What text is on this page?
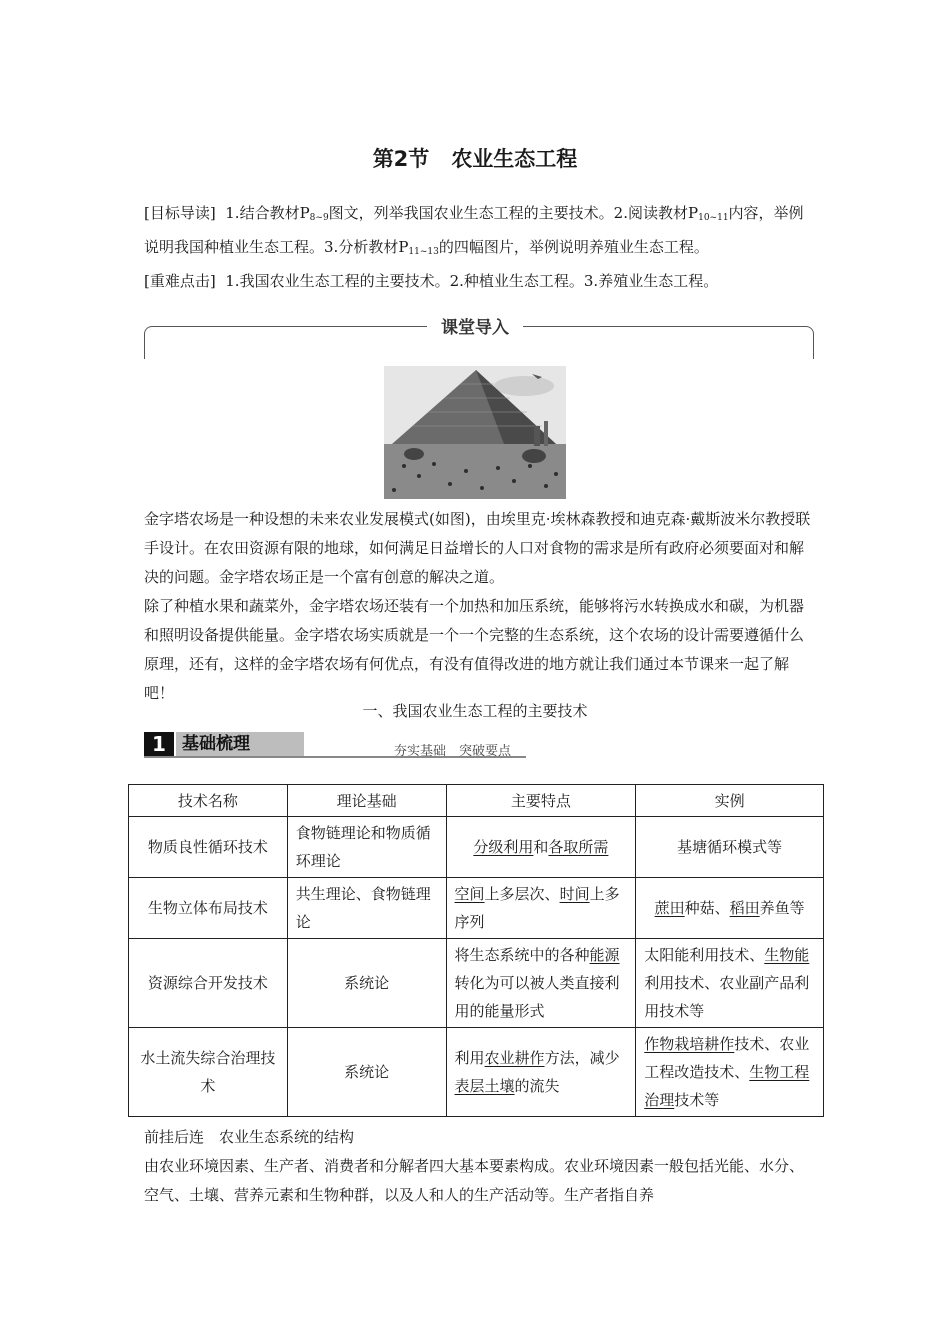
第2节 农业生态工程

[目标导读] 1.结合教材$P_{8\sim 9}$图文，列举我国农业生态工程的主要技术。2.阅读教材$P_{10\sim 11}$内容，举例说明我国种植业生态工程。3.分析教材$P_{11\sim 13}$的四幅图片，举例说明养殖业生态工程。

[重难点击] 1.我国农业生态工程的主要技术。2.种植业生态工程。3.养殖业生态工程。

课堂导入

金字塔农场是一种设想的未来农业发展模式(如图)，由埃里克·埃林森教授和迪克森·戴斯波米尔教授联手设计。在农田资源有限的地球，如何满足日益增长的人口对食物的需求是所有政府必须要面对和解决的问题。金字塔农场正是一个富有创意的解决之道。

除了种植水果和蔬菜外，金字塔农场还装有一个加热和加压系统，能够将污水转换成水和碳，为机器和照明设备提供能量。金字塔农场实质就是一个一个完整的生态系统，这个农场的设计需要遵循什么原理，还有，这样的金字塔农场有何优点，有没有值得改进的地方就让我们通过本节课来一起了解吧！

一、我国农业生态工程的主要技术
1 基础梳理	夯实基础　突破要点
技术名称	理论基础	主要特点	实例
物质良性循环技术	食物链理论和物质循环理论	分级利用和各取所需	基塘循环模式等
生物立体布局技术	共生理论、食物链理论	空间上多层次、时间上多序列	蔗田种菇、稻田养鱼等
资源综合开发技术	系统论	将生态系统中的各种能源转化为可以被人类直接利用的能量形式	太阳能利用技术、生物能利用技术、农业副产品利用技术等
水土流失综合治理技术	系统论	利用农业耕作方法，减少表层土壤的流失	作物栽培耕作技术、农业工程改造技术、生物工程治理技术等

前挂后连　农业生态系统的结构

由农业环境因素、生产者、消费者和分解者四大基本要素构成。农业环境因素一般包括光能、水分、空气、土壤、营养元素和生物种群，以及人和人的生产活动等。生产者指自养
